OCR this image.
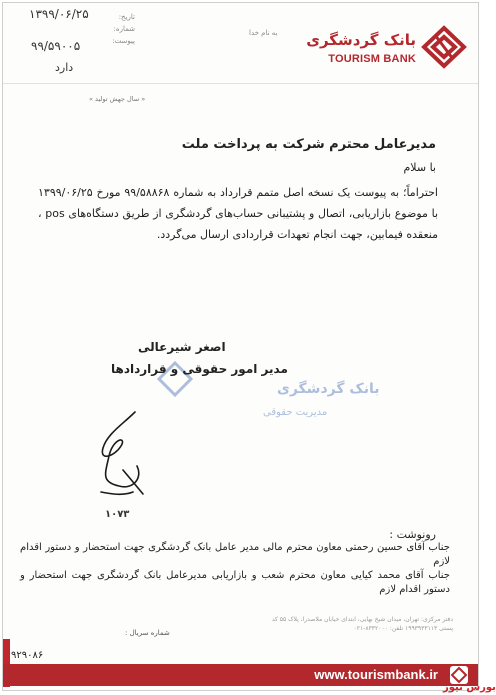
بانک گردشگری
TOURISM BANK
به نام خدا
تاریخ:
شماره:
پیوست:
۱۳۹۹/۰۶/۲۵
۹۹/۵۹۰۰۵
دارد
« سال جهش تولید »
مدیرعامل محترم شرکت به پرداخت ملت
با سلام
احتراماً؛ به پیوست یک نسخه اصل متمم قرارداد به شماره ۹۹/۵۸۸۶۸ مورخ ۱۳۹۹/۰۶/۲۵ با موضوع بازاریابی، اتصال و پشتیبانی حساب‌های گردشگری از طریق دستگاه‌های pos ، منعقده فیمابین، جهت انجام تعهدات قراردادی ارسال می‌گردد.
بانک گردشگری
مدیریت حقوقی
اصغر شیرعالی
مدیر امور حقوقی و قراردادها
۱۰۷۳
رونوشت :
جناب آقای حسین رحمتی معاون محترم مالی مدیر عامل بانک گردشگری جهت استحضار و دستور اقدام لازم
جناب آقای محمد کیایی معاون محترم شعب و بازاریابی مدیرعامل بانک گردشگری جهت استحضار و دستور اقدام لازم
شماره سریال :
دفتر مرکزی: تهران، میدان شیخ بهایی، ابتدای خیابان ملاصدرا، پلاک ۵۵ کد پستی ۱۹۹۳۹۳۳۱۱۳ تلفن: ۸۳۳۲۰۰۰-۰۲۱
۹۲۹۰۸۶
www.tourismbank.ir
بورس نیوز
